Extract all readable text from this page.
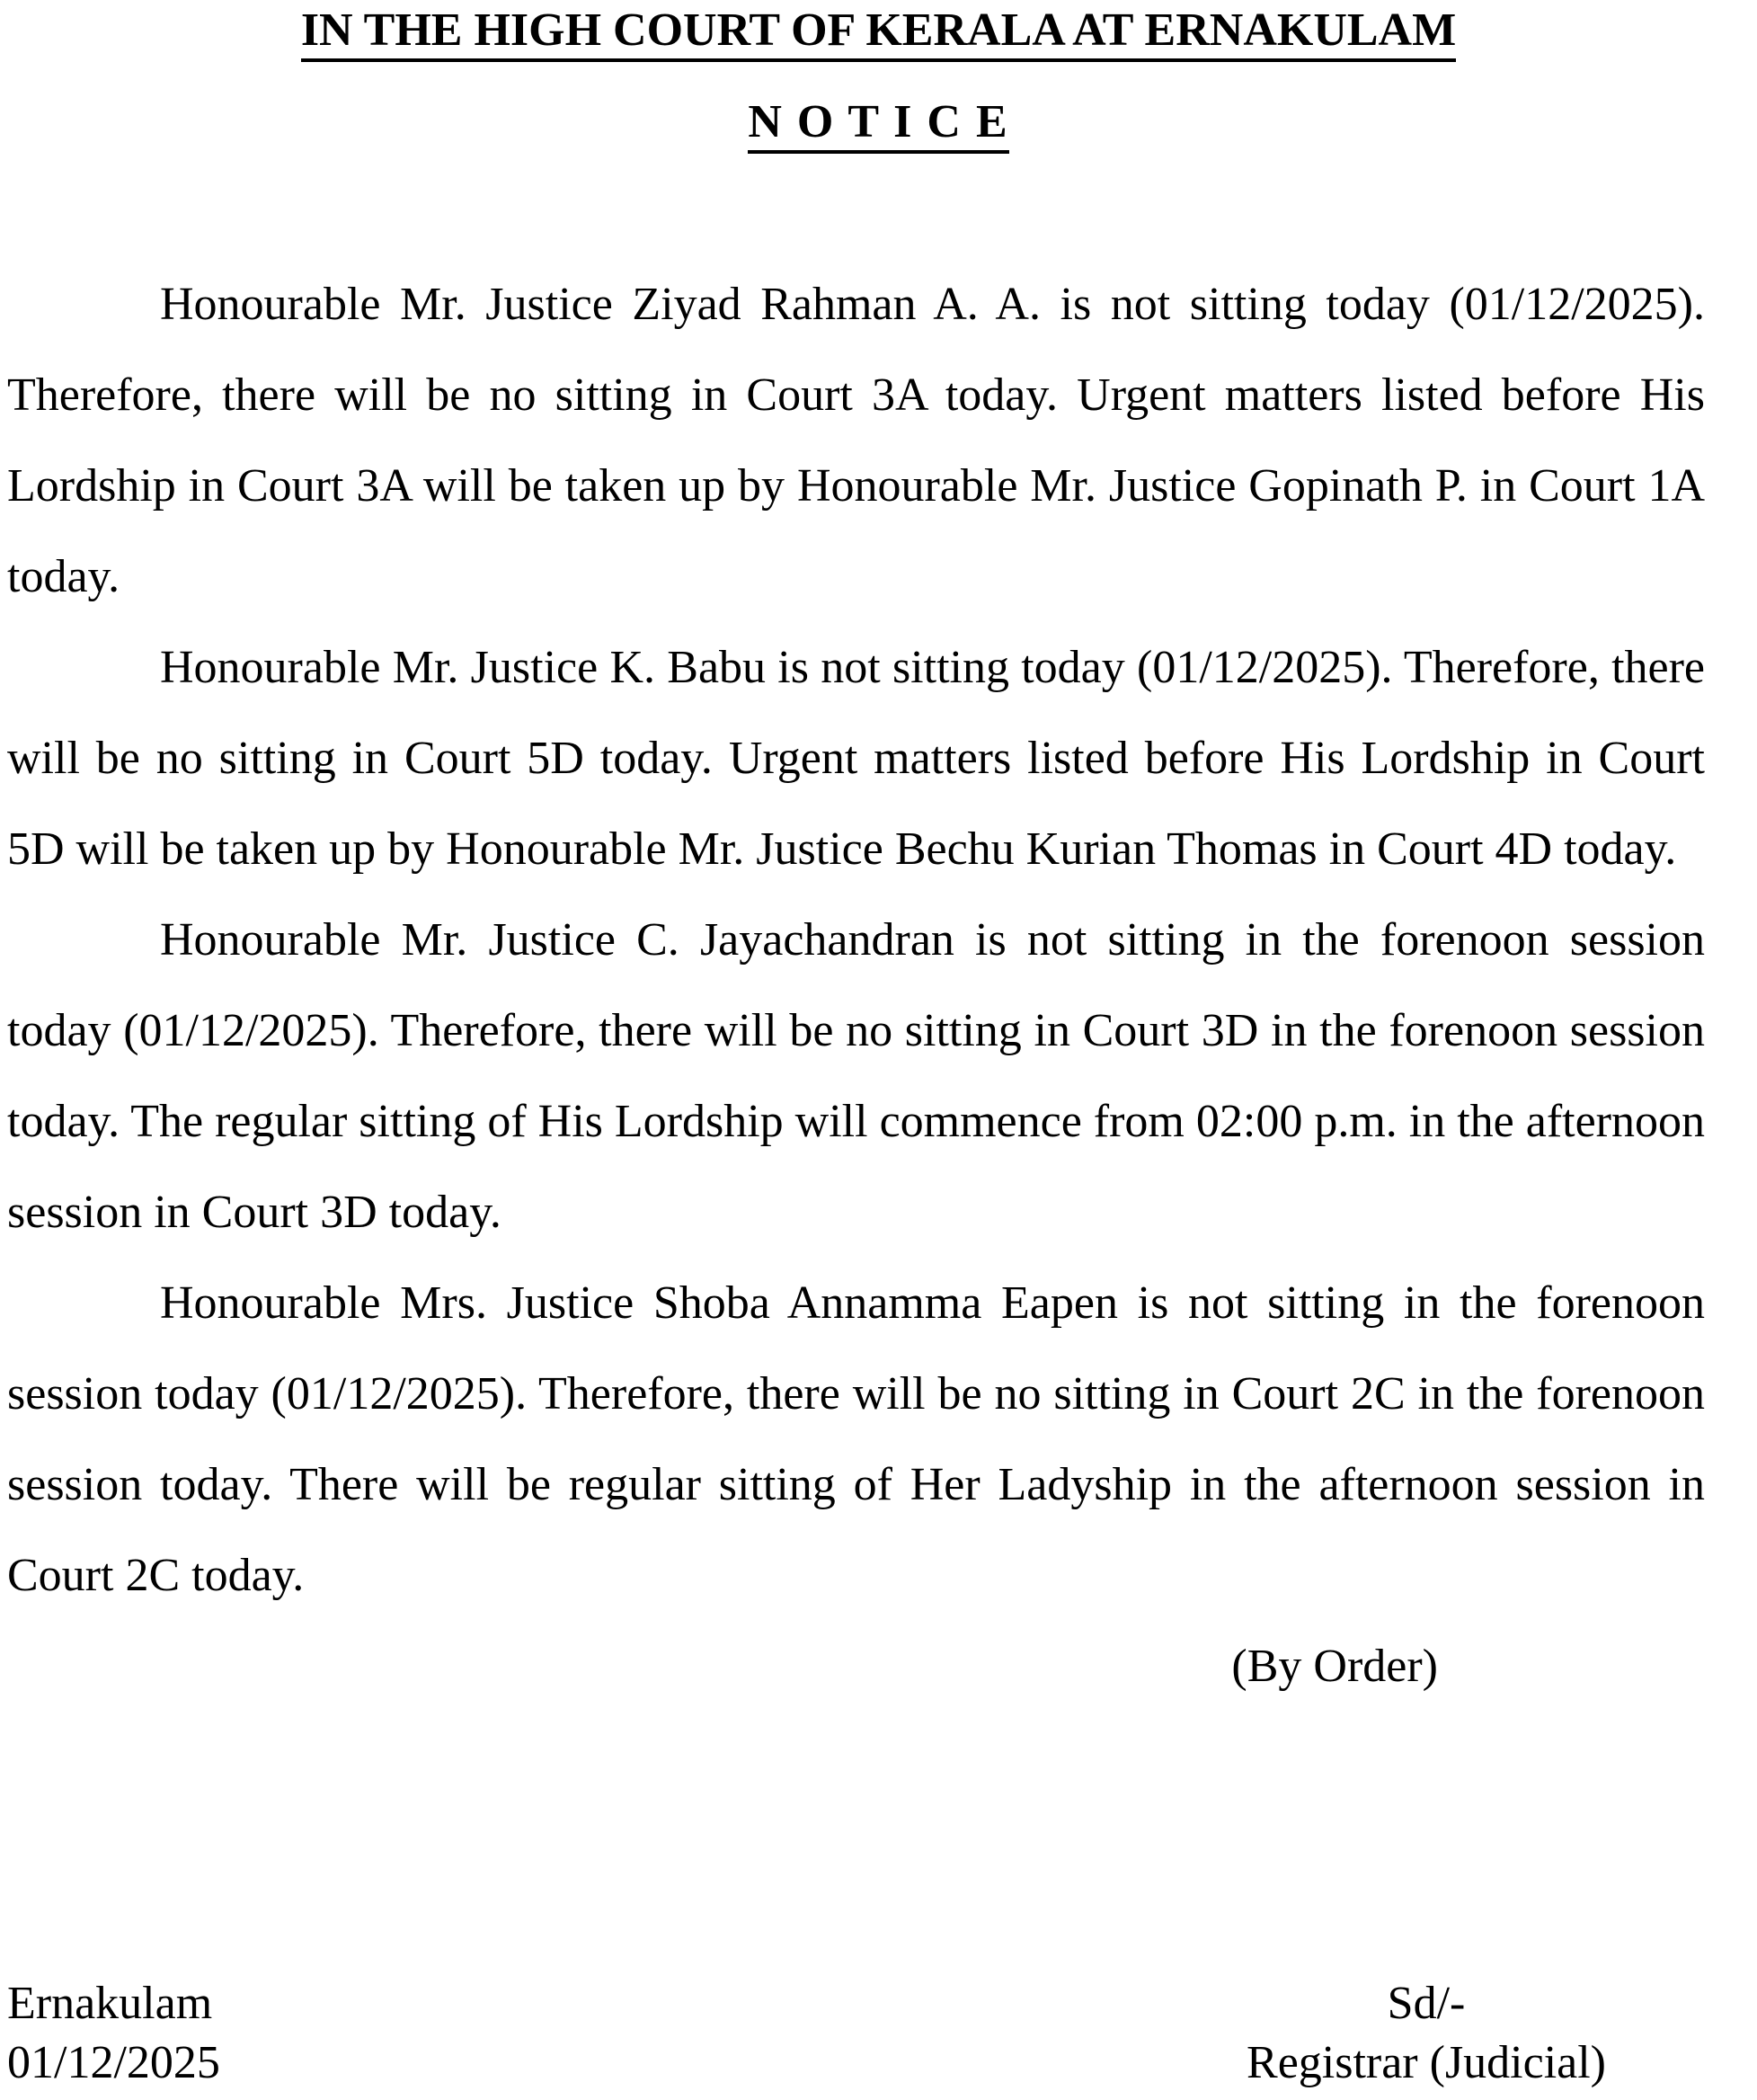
IN THE HIGH COURT OF KERALA AT ERNAKULAM
N O T I C E

Honourable Mr. Justice Ziyad Rahman A. A. is not sitting today (01/12/2025). Therefore, there will be no sitting in Court 3A today. Urgent matters listed before His Lordship in Court 3A will be taken up by Honourable Mr. Justice Gopinath P. in Court 1A today.

Honourable Mr. Justice K. Babu is not sitting today (01/12/2025). Therefore, there will be no sitting in Court 5D today. Urgent matters listed before His Lordship in Court 5D will be taken up by Honourable Mr. Justice Bechu Kurian Thomas in Court 4D today.

Honourable Mr. Justice C. Jayachandran is not sitting in the forenoon session today (01/12/2025). Therefore, there will be no sitting in Court 3D in the forenoon session today. The regular sitting of His Lordship will commence from 02:00 p.m. in the afternoon session in Court 3D today.

Honourable Mrs. Justice Shoba Annamma Eapen is not sitting in the forenoon session today (01/12/2025). Therefore, there will be no sitting in Court 2C in the forenoon session today. There will be regular sitting of Her Ladyship in the afternoon session in Court 2C today.

(By Order)
Ernakulam
01/12/2025
Sd/-
Registrar (Judicial)
